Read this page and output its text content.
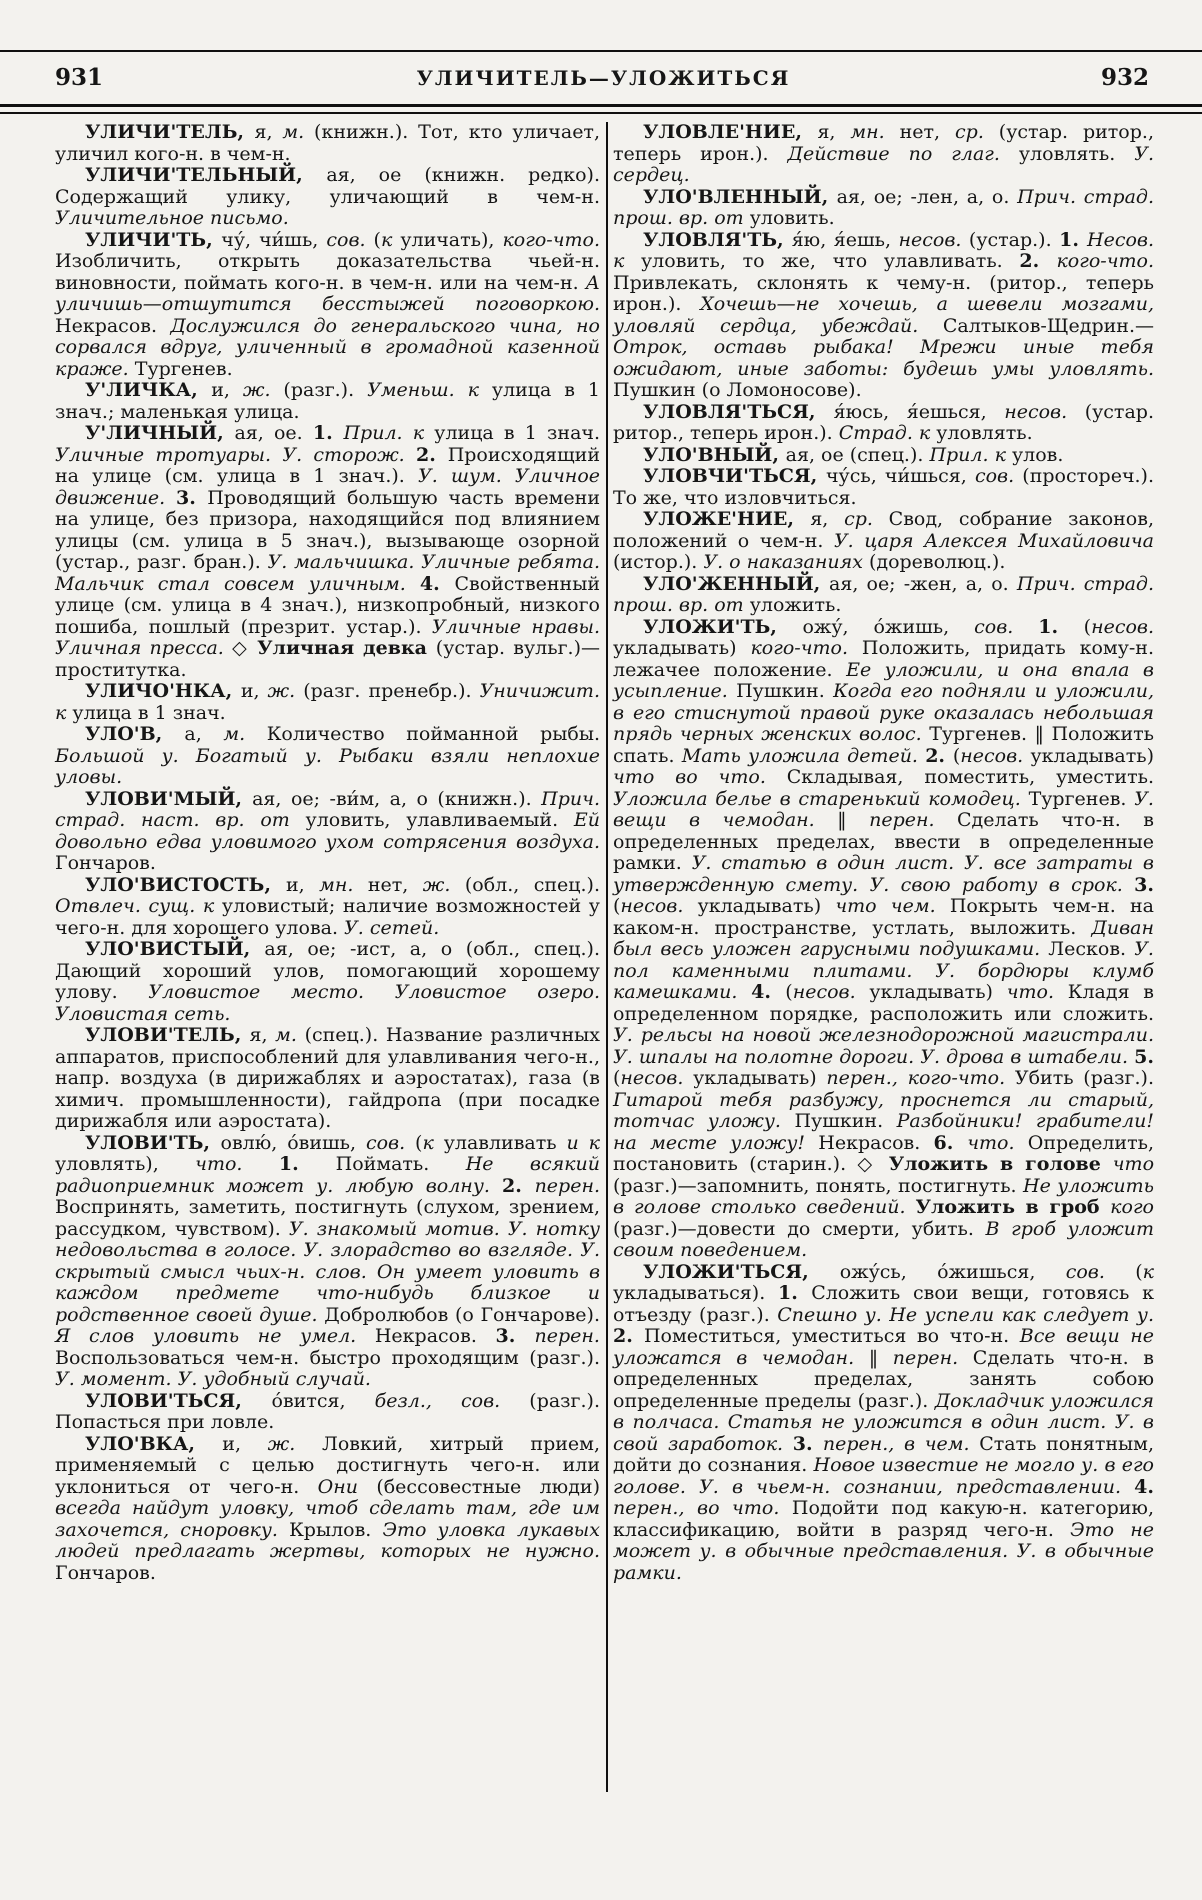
931	УЛИЧИТЕЛЬ—УЛОЖИТЬСЯ	932

УЛИЧИ'ТЕЛЬ, я, м. (книжн.). Тот, кто уличает, уличил кого-н. в чем-н.

УЛИЧИ'ТЕЛЬНЫЙ, ая, ое (книжн. редко). Содержащий улику, уличающий в чем-н. Уличительное письмо.

УЛИЧИ'ТЬ, чу́, чи́шь, сов. (к уличать), кого-что. Изобличить, открыть доказательства чьей-н. виновности, поймать кого-н. в чем-н. или на чем-н. А уличишь—отшутится бесстыжей поговоркою. Некрасов. Дослужился до генеральского чина, но сорвался вдруг, уличенный в громадной казенной краже. Тургенев.

У'ЛИЧКА, и, ж. (разг.). Уменьш. к улица в 1 знач.; маленькая улица.

У'ЛИЧНЫЙ, ая, ое. 1. Прил. к улица в 1 знач. Уличные тротуары. У. сторож. 2. Происходящий на улице (см. улица в 1 знач.). У. шум. Уличное движение. 3. Проводящий большую часть времени на улице, без призора, находящийся под влиянием улицы (см. улица в 5 знач.), вызывающе озорной (устар., разг. бран.). У. мальчишка. Уличные ребята. Мальчик стал совсем уличным. 4. Свойственный улице (см. улица в 4 знач.), низкопробный, низкого пошиба, пошлый (презрит. устар.). Уличные нравы. Уличная пресса. ◇ Уличная девка (устар. вульг.)—проститутка.

УЛИЧО'НКА, и, ж. (разг. пренебр.). Уничижит. к улица в 1 знач.

УЛО'В, а, м. Количество пойманной рыбы. Большой у. Богатый у. Рыбаки взяли неплохие уловы.

УЛОВИ'МЫЙ, ая, ое; -ви́м, а, о (книжн.). Прич. страд. наст. вр. от уловить, улавливаемый. Ей довольно едва уловимого ухом сотрясения воздуха. Гончаров.

УЛО'ВИСТОСТЬ, и, мн. нет, ж. (обл., спец.). Отвлеч. сущ. к уловистый; наличие возможностей у чего-н. для хорошего улова. У. сетей.

УЛО'ВИСТЫЙ, ая, ое; -ист, а, о (обл., спец.). Дающий хороший улов, помогающий хорошему улову. Уловистое место. Уловистое озеро. Уловистая сеть.

УЛОВИ'ТЕЛЬ, я, м. (спец.). Название различных аппаратов, приспособлений для улавливания чего-н., напр. воздуха (в дирижаблях и аэростатах), газа (в химич. промышленности), гайдропа (при посадке дирижабля или аэростата).

УЛОВИ'ТЬ, овлю́, о́вишь, сов. (к улавливать и к уловлять), что. 1. Поймать. Не всякий радиоприемник может у. любую волну. 2. перен. Воспринять, заметить, постигнуть (слухом, зрением, рассудком, чувством). У. знакомый мотив. У. нотку недовольства в голосе. У. злорадство во взгляде. У. скрытый смысл чьих-н. слов. Он умеет уловить в каждом предмете что-нибудь близкое и родственное своей душе. Добролюбов (о Гончарове). Я слов уловить не умел. Некрасов. 3. перен. Воспользоваться чем-н. быстро проходящим (разг.). У. момент. У. удобный случай.

УЛОВИ'ТЬСЯ, о́вится, безл., сов. (разг.). Попасться при ловле.

УЛО'ВКА, и, ж. Ловкий, хитрый прием, применяемый с целью достигнуть чего-н. или уклониться от чего-н. Они (бессовестные люди) всегда найдут уловку, чтоб сделать там, где им захочется, сноровку. Крылов. Это уловка лукавых людей предлагать жертвы, которых не нужно. Гончаров.

УЛОВЛЕ'НИЕ, я, мн. нет, ср. (устар. ритор., теперь ирон.). Действие по глаг. уловлять. У. сердец.

УЛО'ВЛЕННЫЙ, ая, ое; -лен, а, о. Прич. страд. прош. вр. от уловить.

УЛОВЛЯ'ТЬ, я́ю, я́ешь, несов. (устар.). 1. Несов. к уловить, то же, что улавливать. 2. кого-что. Привлекать, склонять к чему-н. (ритор., теперь ирон.). Хочешь—не хочешь, а шевели мозгами, уловляй сердца, убеждай. Салтыков-Щедрин.—Отрок, оставь рыбака! Мрежи иные тебя ожидают, иные заботы: будешь умы уловлять. Пушкин (о Ломоносове).

УЛОВЛЯ'ТЬСЯ, я́юсь, я́ешься, несов. (устар. ритор., теперь ирон.). Страд. к уловлять.

УЛО'ВНЫЙ, ая, ое (спец.). Прил. к улов.

УЛОВЧИ'ТЬСЯ, чу́сь, чи́шься, сов. (простореч.). То же, что изловчиться.

УЛОЖЕ'НИЕ, я, ср. Свод, собрание законов, положений о чем-н. У. царя Алексея Михайловича (истор.). У. о наказаниях (дореволюц.).

УЛО'ЖЕННЫЙ, ая, ое; -жен, а, о. Прич. страд. прош. вр. от уложить.

УЛОЖИ'ТЬ, ожу́, о́жишь, сов. 1. (несов. укладывать) кого-что. Положить, придать кому-н. лежачее положение. Ее уложили, и она впала в усыпление. Пушкин. Когда его подняли и уложили, в его стиснутой правой руке оказалась небольшая прядь черных женских волос. Тургенев. ‖ Положить спать. Мать уложила детей. 2. (несов. укладывать) что во что. Складывая, поместить, уместить. Уложила белье в старенький комодец. Тургенев. У. вещи в чемодан. ‖ перен. Сделать что-н. в определенных пределах, ввести в определенные рамки. У. статью в один лист. У. все затраты в утвержденную смету. У. свою работу в срок. 3. (несов. укладывать) что чем. Покрыть чем-н. на каком-н. пространстве, устлать, выложить. Диван был весь уложен гарусными подушками. Лесков. У. пол каменными плитами. У. бордюры клумб камешками. 4. (несов. укладывать) что. Кладя в определенном порядке, расположить или сложить. У. рельсы на новой железнодорожной магистрали. У. шпалы на полотне дороги. У. дрова в штабели. 5. (несов. укладывать) перен., кого-что. Убить (разг.). Гитарой тебя разбужу, проснется ли старый, тотчас уложу. Пушкин. Разбойники! грабители! на месте уложу! Некрасов. 6. что. Определить, постановить (старин.). ◇ Уложить в голове что (разг.)—запомнить, понять, постигнуть. Не уложить в голове столько сведений. Уложить в гроб кого (разг.)—довести до смерти, убить. В гроб уложит своим поведением.

УЛОЖИ'ТЬСЯ, ожу́сь, о́жишься, сов. (к укладываться). 1. Сложить свои вещи, готовясь к отъезду (разг.). Спешно у. Не успели как следует у. 2. Поместиться, уместиться во что-н. Все вещи не уложатся в чемодан. ‖ перен. Сделать что-н. в определенных пределах, занять собою определенные пределы (разг.). Докладчик уложился в полчаса. Статья не уложится в один лист. У. в свой заработок. 3. перен., в чем. Стать понятным, дойти до сознания. Новое известие не могло у. в его голове. У. в чьем-н. сознании, представлении. 4. перен., во что. Подойти под какую-н. категорию, классификацию, войти в разряд чего-н. Это не может у. в обычные представления. У. в обычные рамки.
